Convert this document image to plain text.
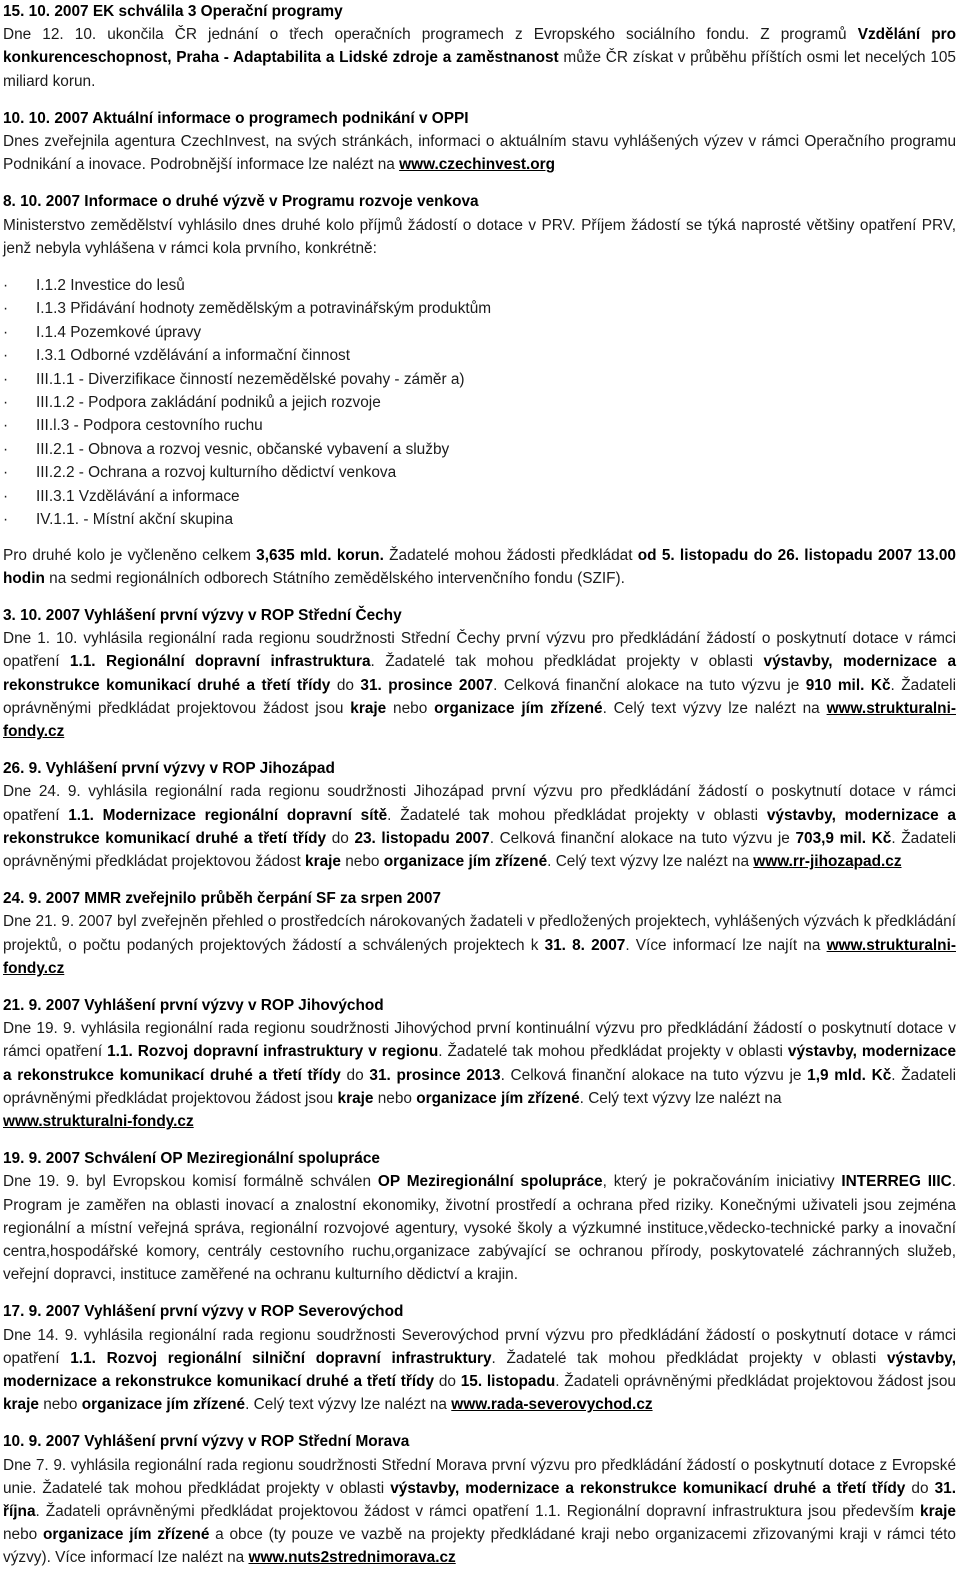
15. 10. 2007 EK schválila 3 Operační programy

Dne 12. 10. ukončila ČR jednání o třech operačních programech z Evropského sociálního fondu. Z programů Vzdělání pro konkurenceschopnost, Praha - Adaptabilita a Lidské zdroje a zaměstnanost může ČR získat v průběhu příštích osmi let necelých 105 miliard korun.

10. 10. 2007 Aktuální informace o programech podnikání v OPPI

Dnes zveřejnila agentura CzechInvest, na svých stránkách, informaci o aktuálním stavu vyhlášených výzev v rámci Operačního programu Podnikání a inovace. Podrobnější informace lze nalézt na www.czechinvest.org

8. 10. 2007 Informace o druhé výzvě v Programu rozvoje venkova

Ministerstvo zemědělství vyhlásilo dnes druhé kolo příjmů žádostí o dotace v PRV. Příjem žádostí se týká naprosté většiny opatření PRV, jenž nebyla vyhlášena v rámci kola prvního, konkrétně:

· I.1.2 Investice do lesů
· I.1.3 Přidávání hodnoty zemědělským a potravinářským produktům
· I.1.4 Pozemkové úpravy
· I.3.1 Odborné vzdělávání a informační činnost
· III.1.1 - Diverzifikace činností nezemědělské povahy - záměr a)
· III.1.2 - Podpora zakládání podniků a jejich rozvoje
· III.l.3 - Podpora cestovního ruchu
· III.2.1 - Obnova a rozvoj vesnic, občanské vybavení a služby
· III.2.2 - Ochrana a rozvoj kulturního dědictví venkova
· III.3.1 Vzdělávání a informace
· IV.1.1. - Místní akční skupina

Pro druhé kolo je vyčleněno celkem 3,635 mld. korun. Žadatelé mohou žádosti předkládat od 5. listopadu do 26. listopadu 2007 13.00 hodin na sedmi regionálních odborech Státního zemědělského intervenčního fondu (SZIF).

3. 10. 2007 Vyhlášení první výzvy v ROP Střední Čechy

Dne 1. 10. vyhlásila regionální rada regionu soudržnosti Střední Čechy první výzvu pro předkládání žádostí o poskytnutí dotace v rámci opatření 1.1. Regionální dopravní infrastruktura. Žadatelé tak mohou předkládat projekty v oblasti výstavby, modernizace a rekonstrukce komunikací druhé a třetí třídy do 31. prosince 2007. Celková finanční alokace na tuto výzvu je 910 mil. Kč. Žadateli oprávněnými předkládat projektovou žádost jsou kraje nebo organizace jím zřízené. Celý text výzvy lze nalézt na www.strukturalni-fondy.cz

26. 9. Vyhlášení první výzvy v ROP Jihozápad

Dne 24. 9. vyhlásila regionální rada regionu soudržnosti Jihozápad první výzvu pro předkládání žádostí o poskytnutí dotace v rámci opatření 1.1. Modernizace regionální dopravní sítě. Žadatelé tak mohou předkládat projekty v oblasti výstavby, modernizace a rekonstrukce komunikací druhé a třetí třídy do 23. listopadu 2007. Celková finanční alokace na tuto výzvu je 703,9 mil. Kč. Žadateli oprávněnými předkládat projektovou žádost kraje nebo organizace jím zřízené. Celý text výzvy lze nalézt na www.rr-jihozapad.cz

24. 9. 2007 MMR zveřejnilo průběh čerpání SF za srpen 2007

Dne 21. 9. 2007 byl zveřejněn přehled o prostředcích nárokovaných žadateli v předložených projektech, vyhlášených výzvách k předkládání projektů, o počtu podaných projektových žádostí a schválených projektech k 31. 8. 2007. Více informací lze najít na www.strukturalni-fondy.cz

21. 9. 2007 Vyhlášení první výzvy v ROP Jihovýchod

Dne 19. 9. vyhlásila regionální rada regionu soudržnosti Jihovýchod první kontinuální výzvu pro předkládání žádostí o poskytnutí dotace v rámci opatření 1.1. Rozvoj dopravní infrastruktury v regionu. Žadatelé tak mohou předkládat projekty v oblasti výstavby, modernizace a rekonstrukce komunikací druhé a třetí třídy do 31. prosince 2013. Celková finanční alokace na tuto výzvu je 1,9 mld. Kč. Žadateli oprávněnými předkládat projektovou žádost jsou kraje nebo organizace jím zřízené. Celý text výzvy lze nalézt na
www.strukturalni-fondy.cz

19. 9. 2007 Schválení OP Meziregionální spolupráce

Dne 19. 9. byl Evropskou komisí formálně schválen OP Meziregionální spolupráce, který je pokračováním iniciativy INTERREG IIIC. Program je zaměřen na oblasti inovací a znalostní ekonomiky, životní prostředí a ochrana před riziky. Konečnými uživateli jsou zejména regionální a místní veřejná správa, regionální rozvojové agentury, vysoké školy a výzkumné instituce,vědecko-technické parky a inovační centra,hospodářské komory, centrály cestovního ruchu,organizace zabývající se ochranou přírody, poskytovatelé záchranných služeb, veřejní dopravci, instituce zaměřené na ochranu kulturního dědictví a krajin.

17. 9. 2007 Vyhlášení první výzvy v ROP Severovýchod

Dne 14. 9. vyhlásila regionální rada regionu soudržnosti Severovýchod první výzvu pro předkládání žádostí o poskytnutí dotace v rámci opatření 1.1. Rozvoj regionální silniční dopravní infrastruktury. Žadatelé tak mohou předkládat projekty v oblasti výstavby, modernizace a rekonstrukce komunikací druhé a třetí třídy do 15. listopadu. Žadateli oprávněnými předkládat projektovou žádost jsou kraje nebo organizace jím zřízené. Celý text výzvy lze nalézt na www.rada-severovychod.cz

10. 9. 2007 Vyhlášení první výzvy v ROP Střední Morava

Dne 7. 9. vyhlásila regionální rada regionu soudržnosti Střední Morava první výzvu pro předkládání žádostí o poskytnutí dotace z Evropské unie. Žadatelé tak mohou předkládat projekty v oblasti výstavby, modernizace a rekonstrukce komunikací druhé a třetí třídy do 31. října. Žadateli oprávněnými předkládat projektovou žádost v rámci opatření 1.1. Regionální dopravní infrastruktura jsou především kraje nebo organizace jím zřízené a obce (ty pouze ve vazbě na projekty předkládané kraji nebo organizacemi zřizovanými kraji v rámci této výzvy). Více informací lze nalézt na www.nuts2strednimorava.cz
